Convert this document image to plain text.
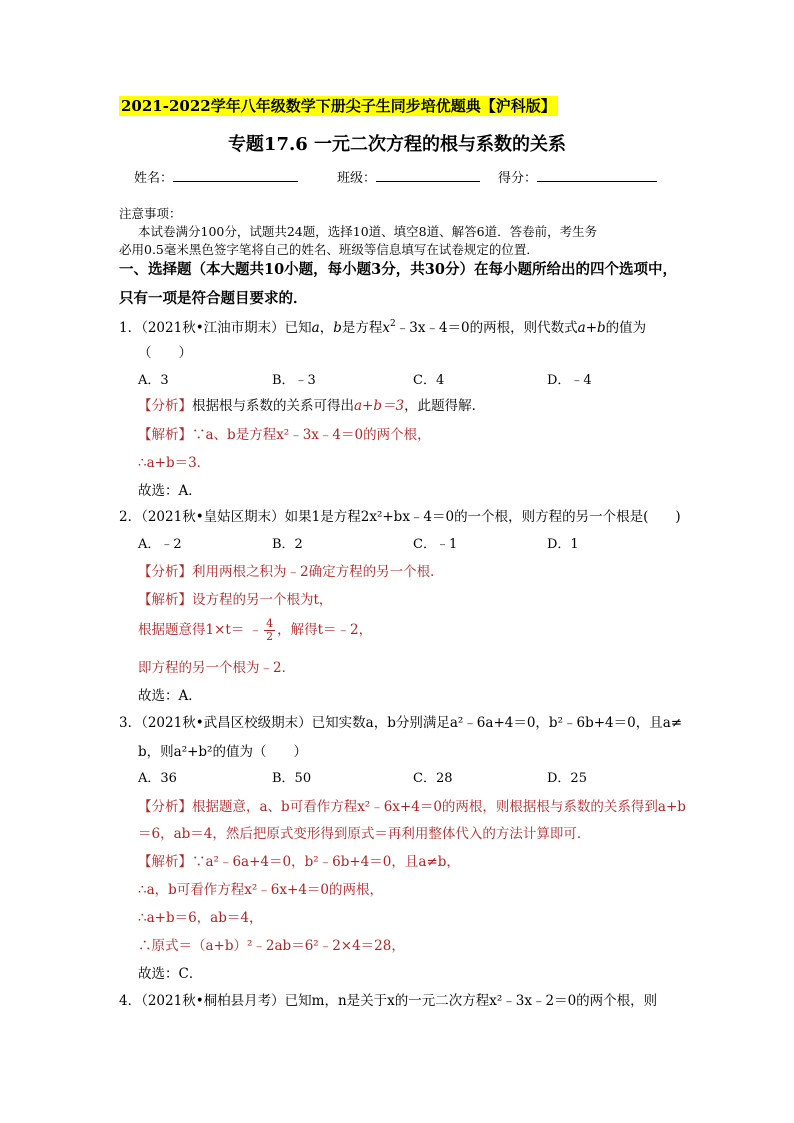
2021-2022学年八年级数学下册尖子生同步培优题典【沪科版】
专题17.6 一元二次方程的根与系数的关系
姓名：	班级：	得分：
注意事项：
本试卷满分100分，试题共24题，选择10道、填空8道、解答6道．答卷前，考生务
必用0.5毫米黑色签字笔将自己的姓名、班级等信息填写在试卷规定的位置．
一、选择题（本大题共10小题，每小题3分，共30分）在每小题所给出的四个选项中，
只有一项是符合题目要求的．
1．（2021秋•江油市期末）已知a，b是方程$x^2﹣3x﹣4=0$的两根，则代数式a+b的值为
（　　）
A．3	B．﹣3	C．4	D．﹣4
【分析】根据根与系数的关系可得出a+b＝3，此题得解．
【解析】∵a、b是方程x²﹣3x﹣4＝0的两个根，
∴a+b＝3．
故选：A．
2．（2021秋•皇姑区期末）如果1是方程2x²+bx﹣4＝0的一个根，则方程的另一个根是(　　)
A．﹣2	B．2	C．﹣1	D．1
【分析】利用两根之积为﹣2确定方程的另一个根．
【解析】设方程的另一个根为t，
根据题意得1×t＝ ﹣ $\frac{4}{2}$ ，解得t＝﹣2，
即方程的另一个根为﹣2．
故选：A．
3．（2021秋•武昌区校级期末）已知实数a，b分别满足a²﹣6a+4＝0，b²﹣6b+4＝0，且a≠
b，则a²+b²的值为（　　）
A．36	B．50	C．28	D．25
【分析】根据题意，a、b可看作方程x²﹣6x+4＝0的两根，则根据根与系数的关系得到a+b
＝6，ab＝4，然后把原式变形得到原式＝再利用整体代入的方法计算即可．
【解析】∵a²﹣6a+4＝0，b²﹣6b+4＝0，且a≠b，
∴a，b可看作方程x²﹣6x+4＝0的两根，
∴a+b＝6，ab＝4，
∴原式＝（a+b）²﹣2ab＝6²﹣2×4＝28，
故选：C．
4．（2021秋•桐柏县月考）已知m，n是关于x的一元二次方程x²﹣3x﹣2＝0的两个根，则
